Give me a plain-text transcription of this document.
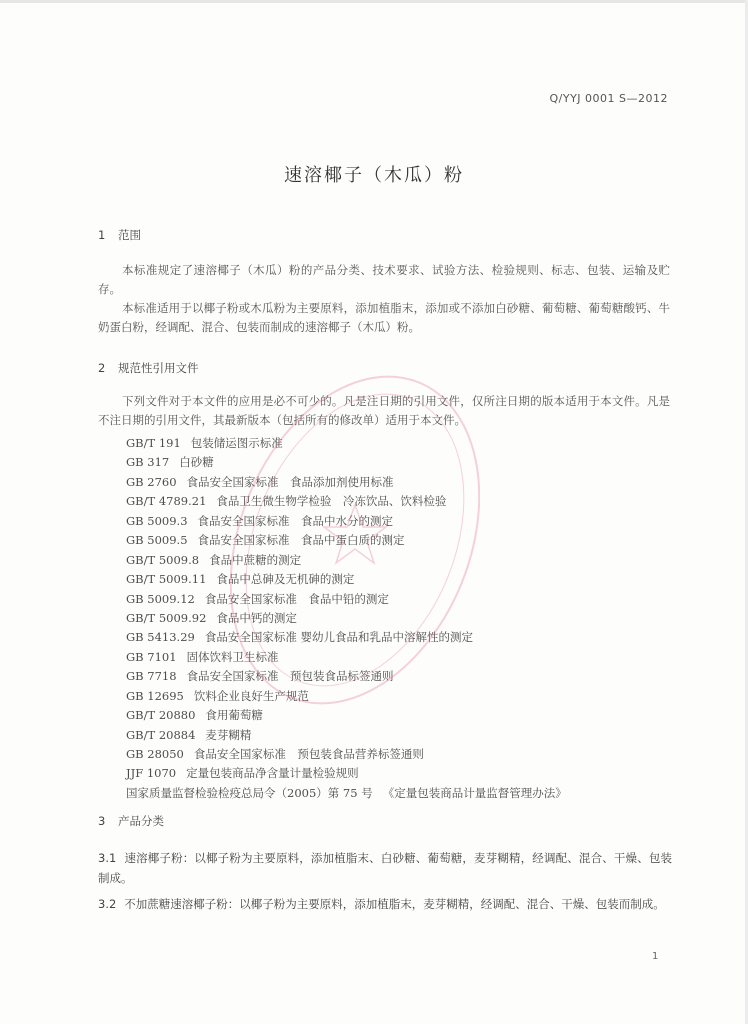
Q/YYJ 0001 S—2012
速溶椰子（木瓜）粉
1 范围

本标准规定了速溶椰子（木瓜）粉的产品分类、技术要求、试验方法、检验规则、标志、包装、运输及贮存。

本标准适用于以椰子粉或木瓜粉为主要原料，添加植脂末，添加或不添加白砂糖、葡萄糖、葡萄糖酸钙、牛奶蛋白粉，经调配、混合、包装而制成的速溶椰子（木瓜）粉。

2 规范性引用文件

下列文件对于本文件的应用是必不可少的。凡是注日期的引用文件，仅所注日期的版本适用于本文件。凡是不注日期的引用文件，其最新版本（包括所有的修改单）适用于本文件。

GB/T 191 包装储运图示标准
GB 317 白砂糖
GB 2760 食品安全国家标准　食品添加剂使用标准
GB/T 4789.21 食品卫生微生物学检验　冷冻饮品、饮料检验
GB 5009.3 食品安全国家标准　食品中水分的测定
GB 5009.5 食品安全国家标准　食品中蛋白质的测定
GB/T 5009.8 食品中蔗糖的测定
GB/T 5009.11 食品中总砷及无机砷的测定
GB 5009.12 食品安全国家标准　食品中铅的测定
GB/T 5009.92 食品中钙的测定
GB 5413.29 食品安全国家标准 婴幼儿食品和乳品中溶解性的测定
GB 7101 固体饮料卫生标准
GB 7718 食品安全国家标准　预包装食品标签通则
GB 12695 饮料企业良好生产规范
GB/T 20880 食用葡萄糖
GB/T 20884 麦芽糊精
GB 28050 食品安全国家标准　预包装食品营养标签通则
JJF 1070 定量包装商品净含量计量检验规则
国家质量监督检验检疫总局令（2005）第 75 号 《定量包装商品计量监督管理办法》
3 产品分类
3.1 速溶椰子粉：以椰子粉为主要原料，添加植脂末、白砂糖、葡萄糖，麦芽糊精，经调配、混合、干燥、包装制成。
3.2 不加蔗糖速溶椰子粉：以椰子粉为主要原料，添加植脂末，麦芽糊精，经调配、混合、干燥、包装而制成。
1
